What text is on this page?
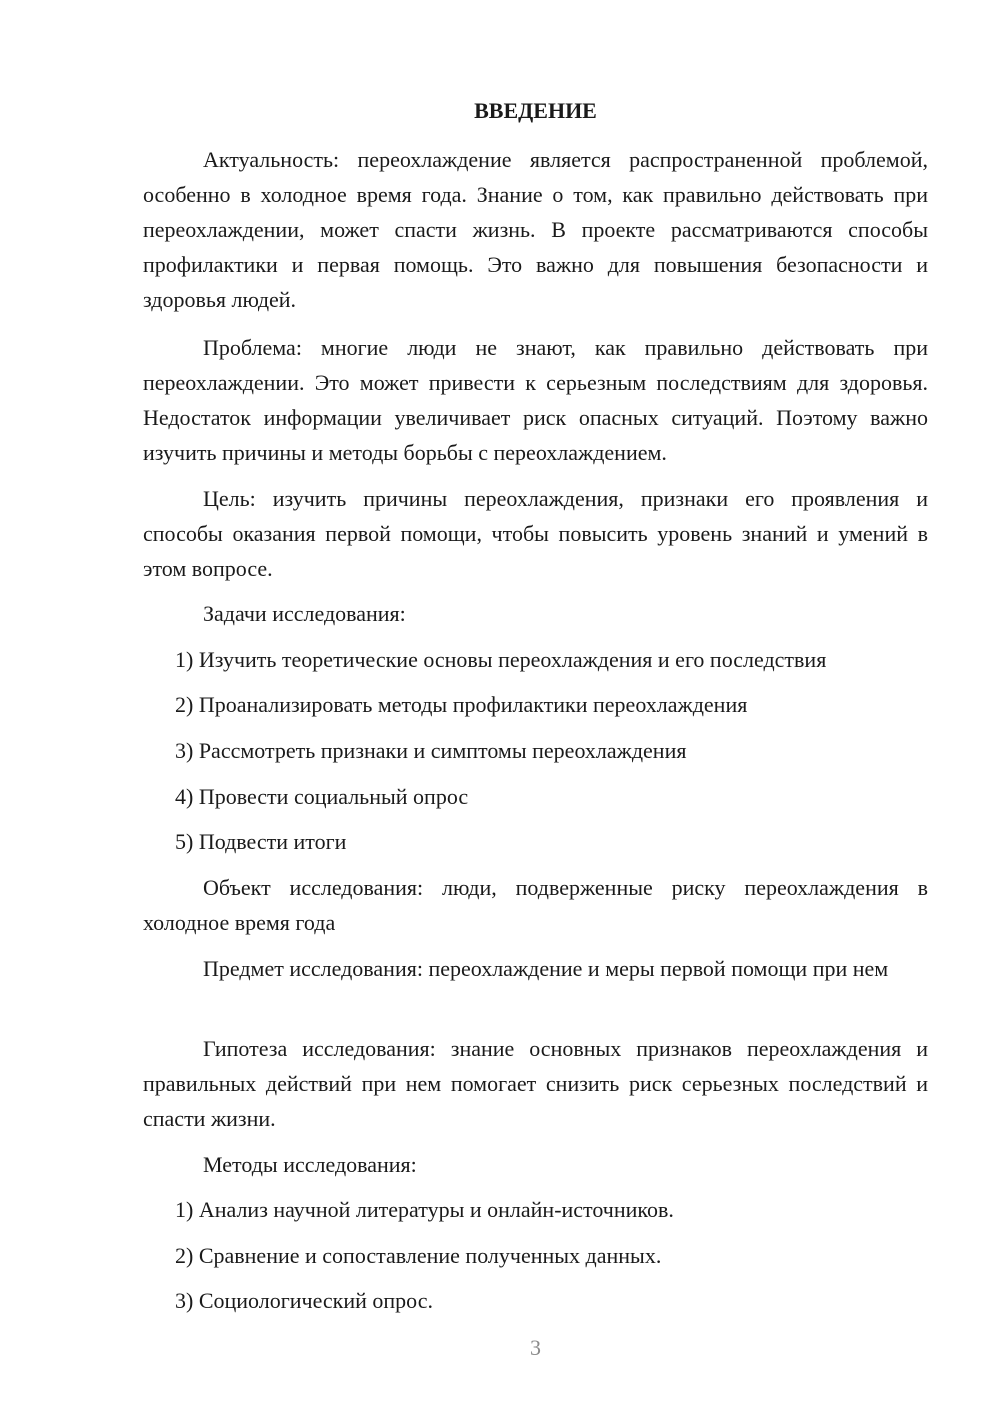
ВВЕДЕНИЕ

Актуальность: переохлаждение является распространенной проблемой, особенно в холодное время года. Знание о том, как правильно действовать при переохлаждении, может спасти жизнь. В проекте рассматриваются способы профилактики и первая помощь. Это важно для повышения безопасности и здоровья людей.

Проблема: многие люди не знают, как правильно действовать при переохлаждении. Это может привести к серьезным последствиям для здоровья. Недостаток информации увеличивает риск опасных ситуаций. Поэтому важно изучить причины и методы борьбы с переохлаждением.

Цель: изучить причины переохлаждения, признаки его проявления и способы оказания первой помощи, чтобы повысить уровень знаний и умений в этом вопросе.

Задачи исследования:
1) Изучить теоретические основы переохлаждения и его последствия
2) Проанализировать методы профилактики переохлаждения
3) Рассмотреть признаки и симптомы переохлаждения
4) Провести социальный опрос
5) Подвести итоги

Объект исследования: люди, подверженные риску переохлаждения в холодное время года

Предмет исследования: переохлаждение и меры первой помощи при нем

Гипотеза исследования: знание основных признаков переохлаждения и правильных действий при нем помогает снизить риск серьезных последствий и спасти жизни.

Методы исследования:
1) Анализ научной литературы и онлайн-источников.
2) Сравнение и сопоставление полученных данных.
3) Социологический опрос.
3
